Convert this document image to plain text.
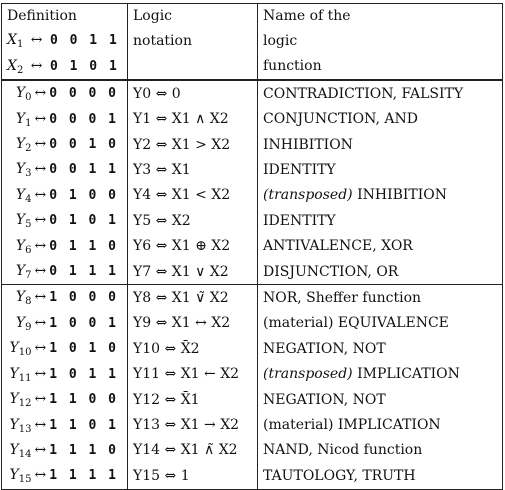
Definition	Logic	Name of the
$X_1$ ↔ 0 0 1 1	notation	logic
$X_2$ ↔ 0 1 0 1		function
$Y_0$ ↔ 0 0 0 0	Y0 ⇔ 0	CONTRADICTION, FALSITY
$Y_1$ ↔ 0 0 0 1	Y1 ⇔ X1 ∧ X2	CONJUNCTION, AND
$Y_2$ ↔ 0 0 1 0	Y2 ⇔ X1 > X2	INHIBITION
$Y_3$ ↔ 0 0 1 1	Y3 ⇔ X1	IDENTITY
$Y_4$ ↔ 0 1 0 0	Y4 ⇔ X1 < X2	(transposed) INHIBITION
$Y_5$ ↔ 0 1 0 1	Y5 ⇔ X2	IDENTITY
$Y_6$ ↔ 0 1 1 0	Y6 ⇔ X1 ⊕ X2	ANTIVALENCE, XOR
$Y_7$ ↔ 0 1 1 1	Y7 ⇔ X1 ∨ X2	DISJUNCTION, OR
$Y_8$ ↔ 1 0 0 0	Y8 ⇔ X1 ∨̃ X2	NOR, Sheffer function
$Y_9$ ↔ 1 0 0 1	Y9 ⇔ X1 ↔ X2	(material) EQUIVALENCE
$Y_{10}$ ↔ 1 0 1 0	Y10 ⇔ X̄2	NEGATION, NOT
$Y_{11}$ ↔ 1 0 1 1	Y11 ⇔ X1 ← X2	(transposed) IMPLICATION
$Y_{12}$ ↔ 1 1 0 0	Y12 ⇔ X̄1	NEGATION, NOT
$Y_{13}$ ↔ 1 1 0 1	Y13 ⇔ X1 → X2	(material) IMPLICATION
$Y_{14}$ ↔ 1 1 1 0	Y14 ⇔ X1 ∧̃ X2	NAND, Nicod function
$Y_{15}$ ↔ 1 1 1 1	Y15 ⇔ 1	TAUTOLOGY, TRUTH
